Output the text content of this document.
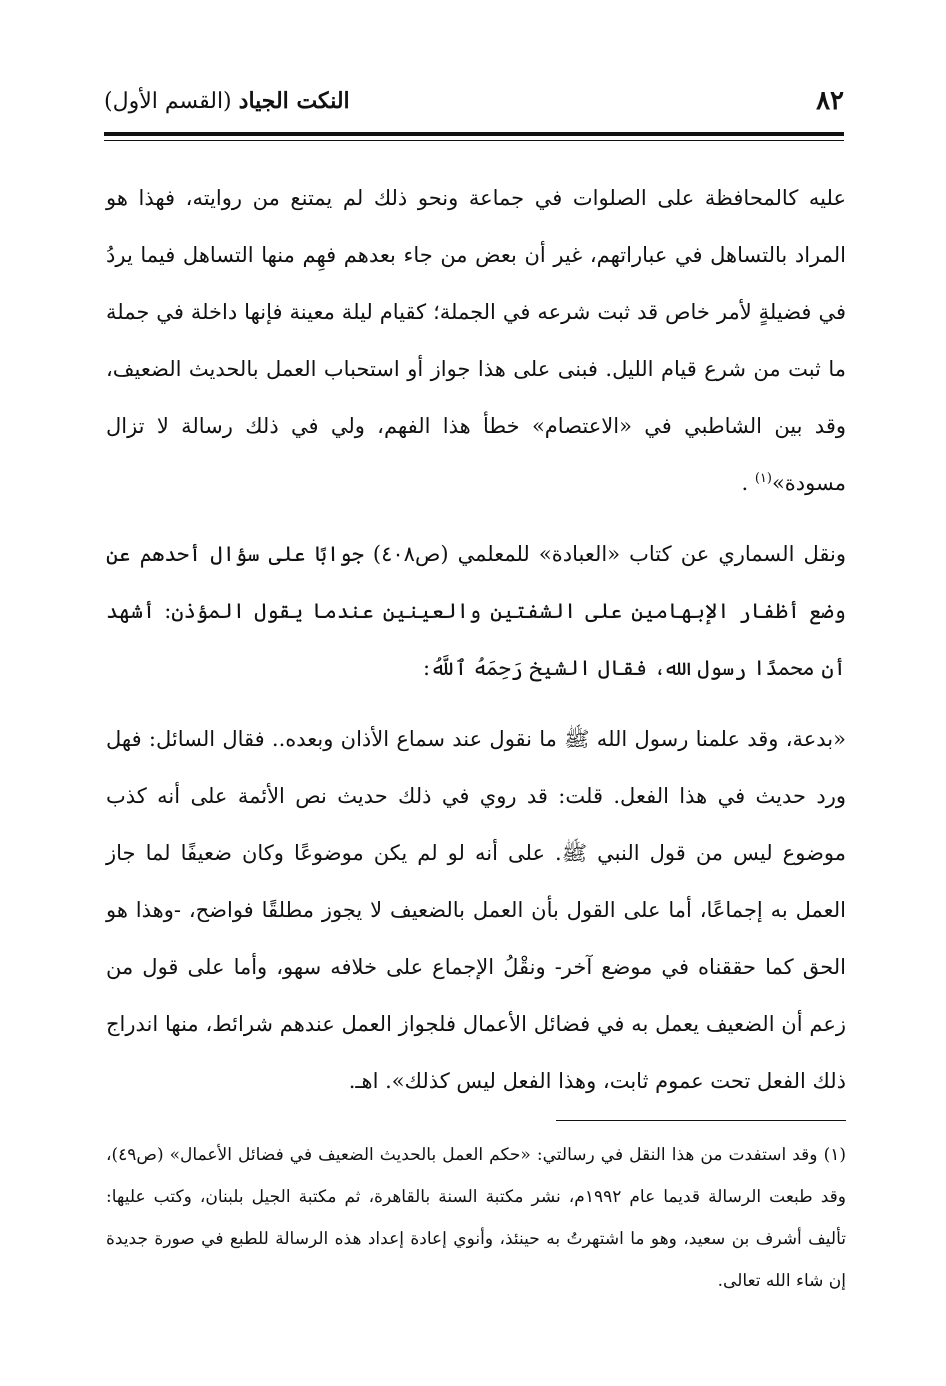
٨٢
النكت الجياد (القسم الأول)

عليه كالمحافظة على الصلوات في جماعة ونحو ذلك لم يمتنع من روايته، فهذا هو المراد بالتساهل في عباراتهم، غير أن بعض من جاء بعدهم فهِم منها التساهل فيما يردُ في فضيلةٍ لأمر خاص قد ثبت شرعه في الجملة؛ كقيام ليلة معينة فإنها داخلة في جملة ما ثبت من شرع قيام الليل. فبنى على هذا جواز أو استحباب العمل بالحديث الضعيف، وقد بين الشاطبي في «الاعتصام» خطأ هذا الفهم، ولي في ذلك رسالة لا تزال مسودة»$^{(١)}$ .

ونقل السماري عن كتاب «العبادة» للمعلمي (ص٤٠٨) جوابًا على سؤال أحدهم عن وضع أظفار الإبهامين على الشفتين والعينين عندما يقول المؤذن: أشهد أن محمدًا رسول الله، فقال الشيخ رَحِمَهُ ٱللَّهُ:

«بدعة، وقد علمنا رسول الله ﷺ ما نقول عند سماع الأذان وبعده.. فقال السائل: فهل ورد حديث في هذا الفعل. قلت: قد روي في ذلك حديث نص الأئمة على أنه كذب موضوع ليس من قول النبي ﷺ. على أنه لو لم يكن موضوعًا وكان ضعيفًا لما جاز العمل به إجماعًا، أما على القول بأن العمل بالضعيف لا يجوز مطلقًا فواضح، -وهذا هو الحق كما حققناه في موضع آخر- ونقْلُ الإجماع على خلافه سهو، وأما على قول من زعم أن الضعيف يعمل به في فضائل الأعمال فلجواز العمل عندهم شرائط، منها اندراج ذلك الفعل تحت عموم ثابت، وهذا الفعل ليس كذلك». اهـ.

(١) وقد استفدت من هذا النقل في رسالتي: «حكم العمل بالحديث الضعيف في فضائل الأعمال» (ص٤٩)، وقد طبعت الرسالة قديما عام ١٩٩٢م، نشر مكتبة السنة بالقاهرة، ثم مكتبة الجيل بلبنان، وكتب عليها: تأليف أشرف بن سعيد، وهو ما اشتهرتُ به حينئذ، وأنوي إعادة إعداد هذه الرسالة للطبع في صورة جديدة إن شاء الله تعالى.
